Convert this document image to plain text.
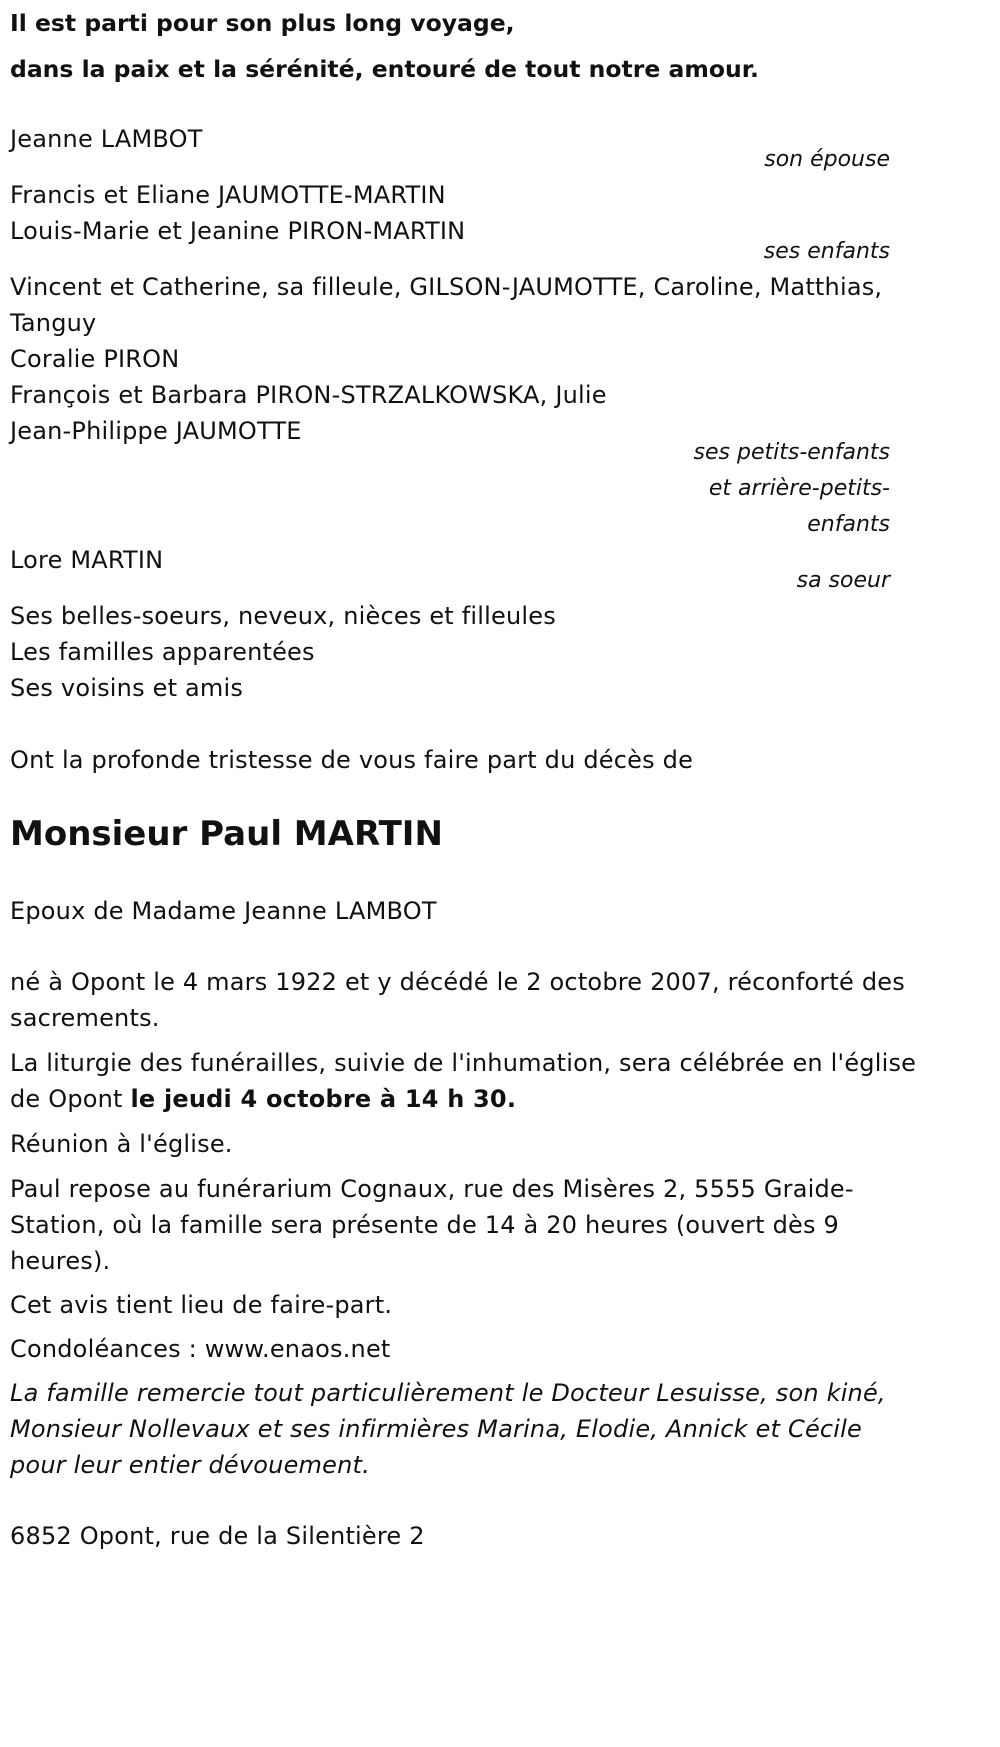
Il est parti pour son plus long voyage,
dans la paix et la sérénité, entouré de tout notre amour.
Jeanne LAMBOT
son épouse
Francis et Eliane JAUMOTTE-MARTIN
Louis-Marie et Jeanine PIRON-MARTIN
ses enfants
Vincent et Catherine, sa filleule, GILSON-JAUMOTTE, Caroline, Matthias,
Tanguy
Coralie PIRON
François et Barbara PIRON-STRZALKOWSKA, Julie
Jean-Philippe JAUMOTTE
ses petits-enfants
et arrière-petits-
enfants
Lore MARTIN
sa soeur
Ses belles-soeurs, neveux, nièces et filleules
Les familles apparentées
Ses voisins et amis
Ont la profonde tristesse de vous faire part du décès de
Monsieur Paul MARTIN
Epoux de Madame Jeanne LAMBOT
né à Opont le 4 mars 1922 et y décédé le 2 octobre 2007, réconforté des
sacrements.
La liturgie des funérailles, suivie de l'inhumation, sera célébrée en l'église
de Opont le jeudi 4 octobre à 14 h 30.
Réunion à l'église.
Paul repose au funérarium Cognaux, rue des Misères 2, 5555 Graide-
Station, où la famille sera présente de 14 à 20 heures (ouvert dès 9
heures).
Cet avis tient lieu de faire-part.
Condoléances : www.enaos.net
La famille remercie tout particulièrement le Docteur Lesuisse, son kiné,
Monsieur Nollevaux et ses infirmières Marina, Elodie, Annick et Cécile
pour leur entier dévouement.
6852 Opont, rue de la Silentière 2
